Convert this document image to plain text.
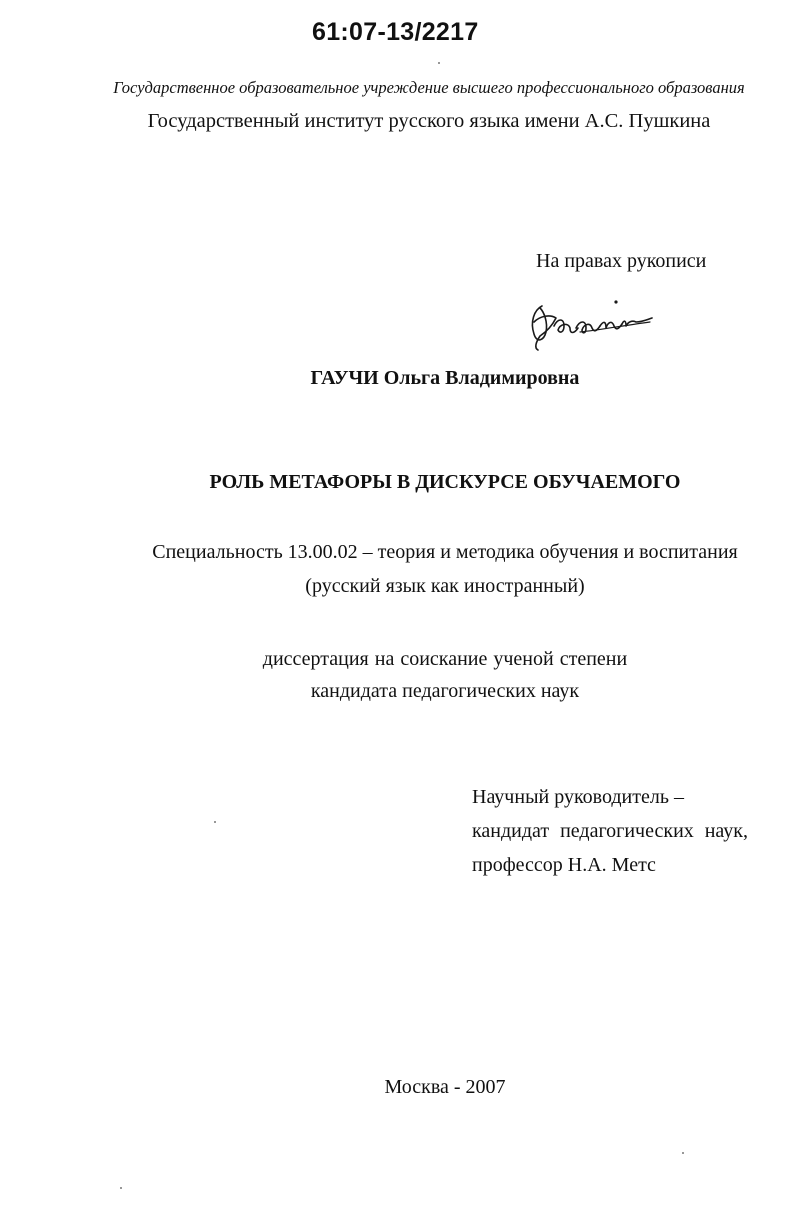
61:07-13/2217
Государственное образовательное учреждение высшего профессионального образования
Государственный институт русского языка имени А.С. Пушкина
На правах рукописи
ГАУЧИ Ольга Владимировна
РОЛЬ МЕТАФОРЫ В ДИСКУРСЕ ОБУЧАЕМОГО
Специальность 13.00.02 – теория и методика обучения и воспитания
(русский язык как иностранный)
диссертация на соискание ученой степени
кандидата педагогических наук
Научный руководитель –
кандидат педагогических наук,
профессор Н.А. Метс
Москва - 2007
